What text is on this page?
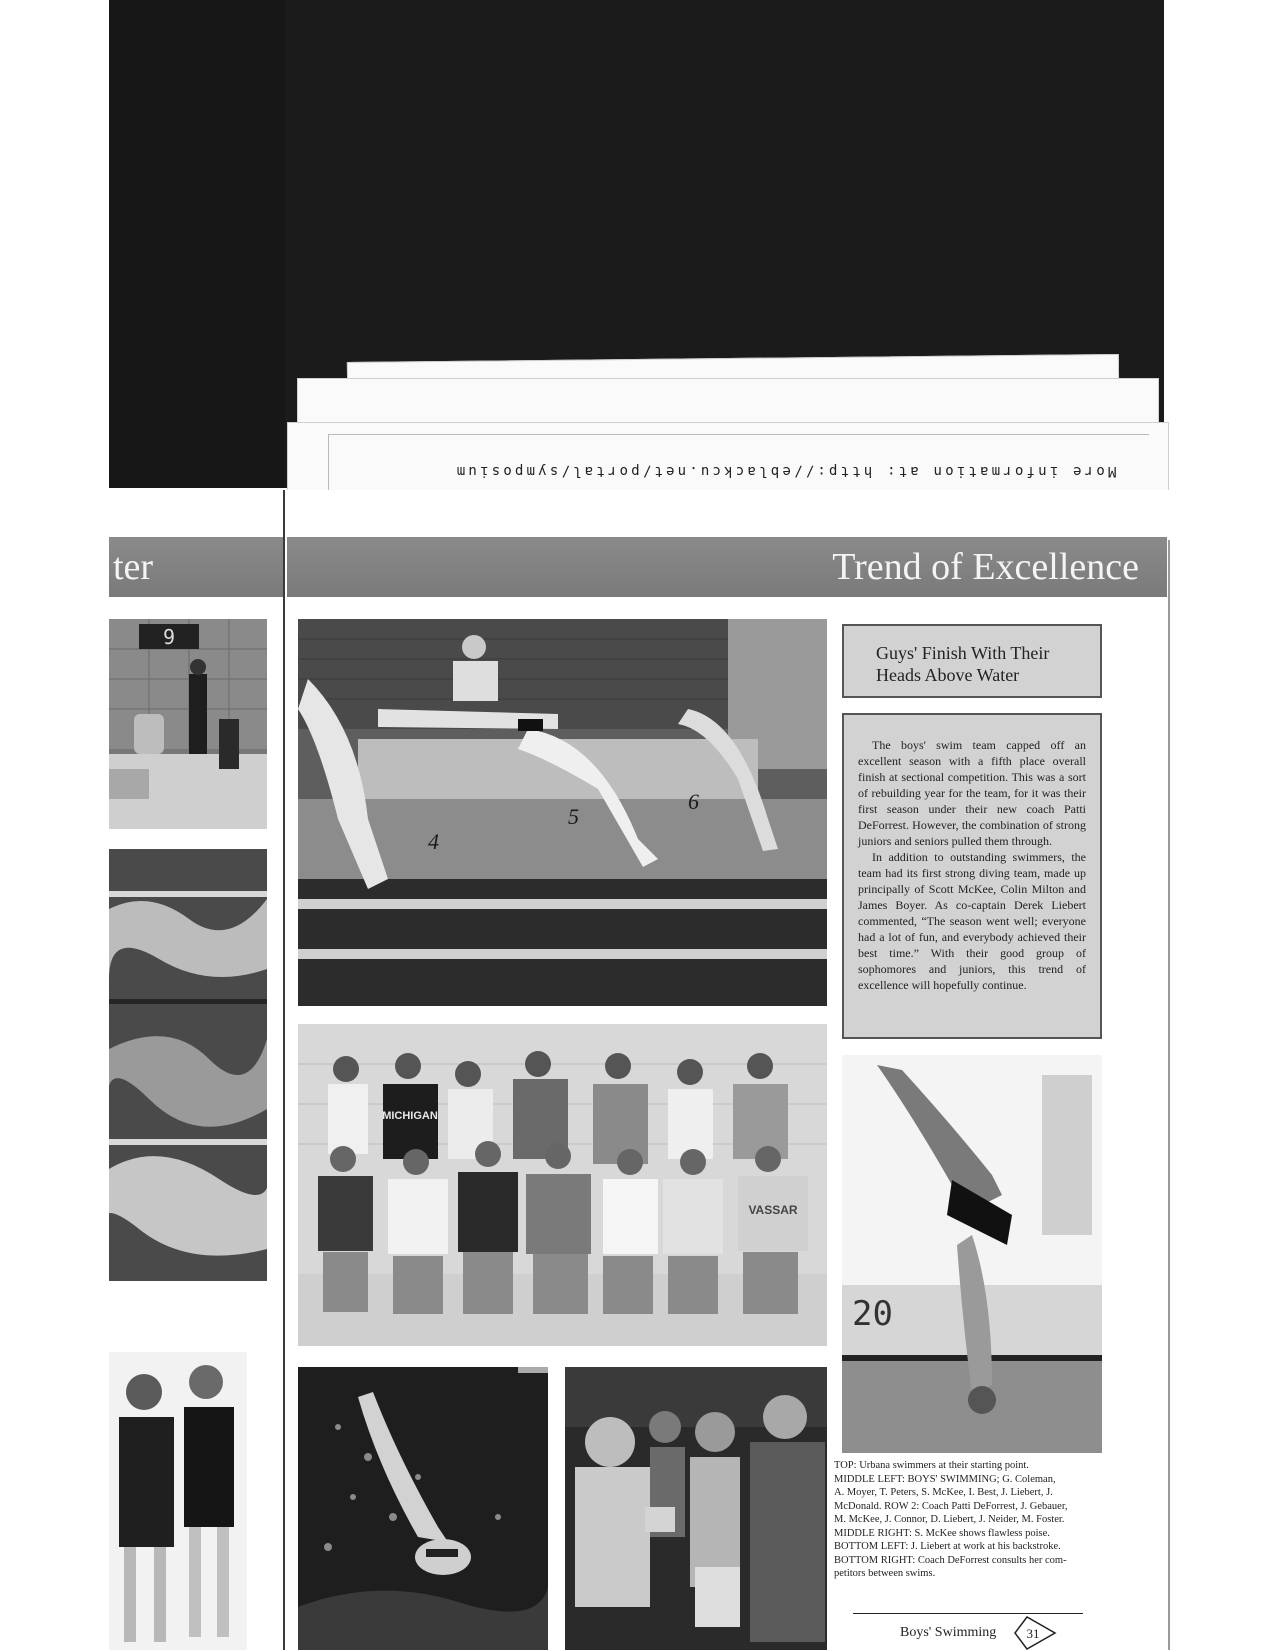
More information at: http://eblackcu.net/portal/symposium
ter	Trend of Excellence
9
4
5
6
Guys' Finish With Their
Heads Above Water

The boys' swim team capped off an excellent season with a fifth place overall finish at sectional competition. This was a sort of rebuilding year for the team, for it was their first season under their new coach Patti DeForrest. However, the combination of strong juniors and seniors pulled them through.

In addition to outstanding swimmers, the team had its first strong diving team, made up principally of Scott McKee, Colin Milton and James Boyer. As co-captain Derek Liebert commented, “The season went well; everyone had a lot of fun, and everybody achieved their best time.” With their good group of sophomores and juniors, this trend of excellence will hopefully continue.

MICHIGAN
VASSAR
20
TOP: Urbana swimmers at their starting point.
MIDDLE LEFT: BOYS' SWIMMING; G. Coleman,
A. Moyer, T. Peters, S. McKee, I. Best, J. Liebert, J.
McDonald. ROW 2: Coach Patti DeForrest, J. Gebauer,
M. McKee, J. Connor, D. Liebert, J. Neider, M. Foster.
MIDDLE RIGHT: S. McKee shows flawless poise.
BOTTOM LEFT: J. Liebert at work at his backstroke.
BOTTOM RIGHT: Coach DeForrest consults her com-
petitors between swims.
Boys' Swimming 31
